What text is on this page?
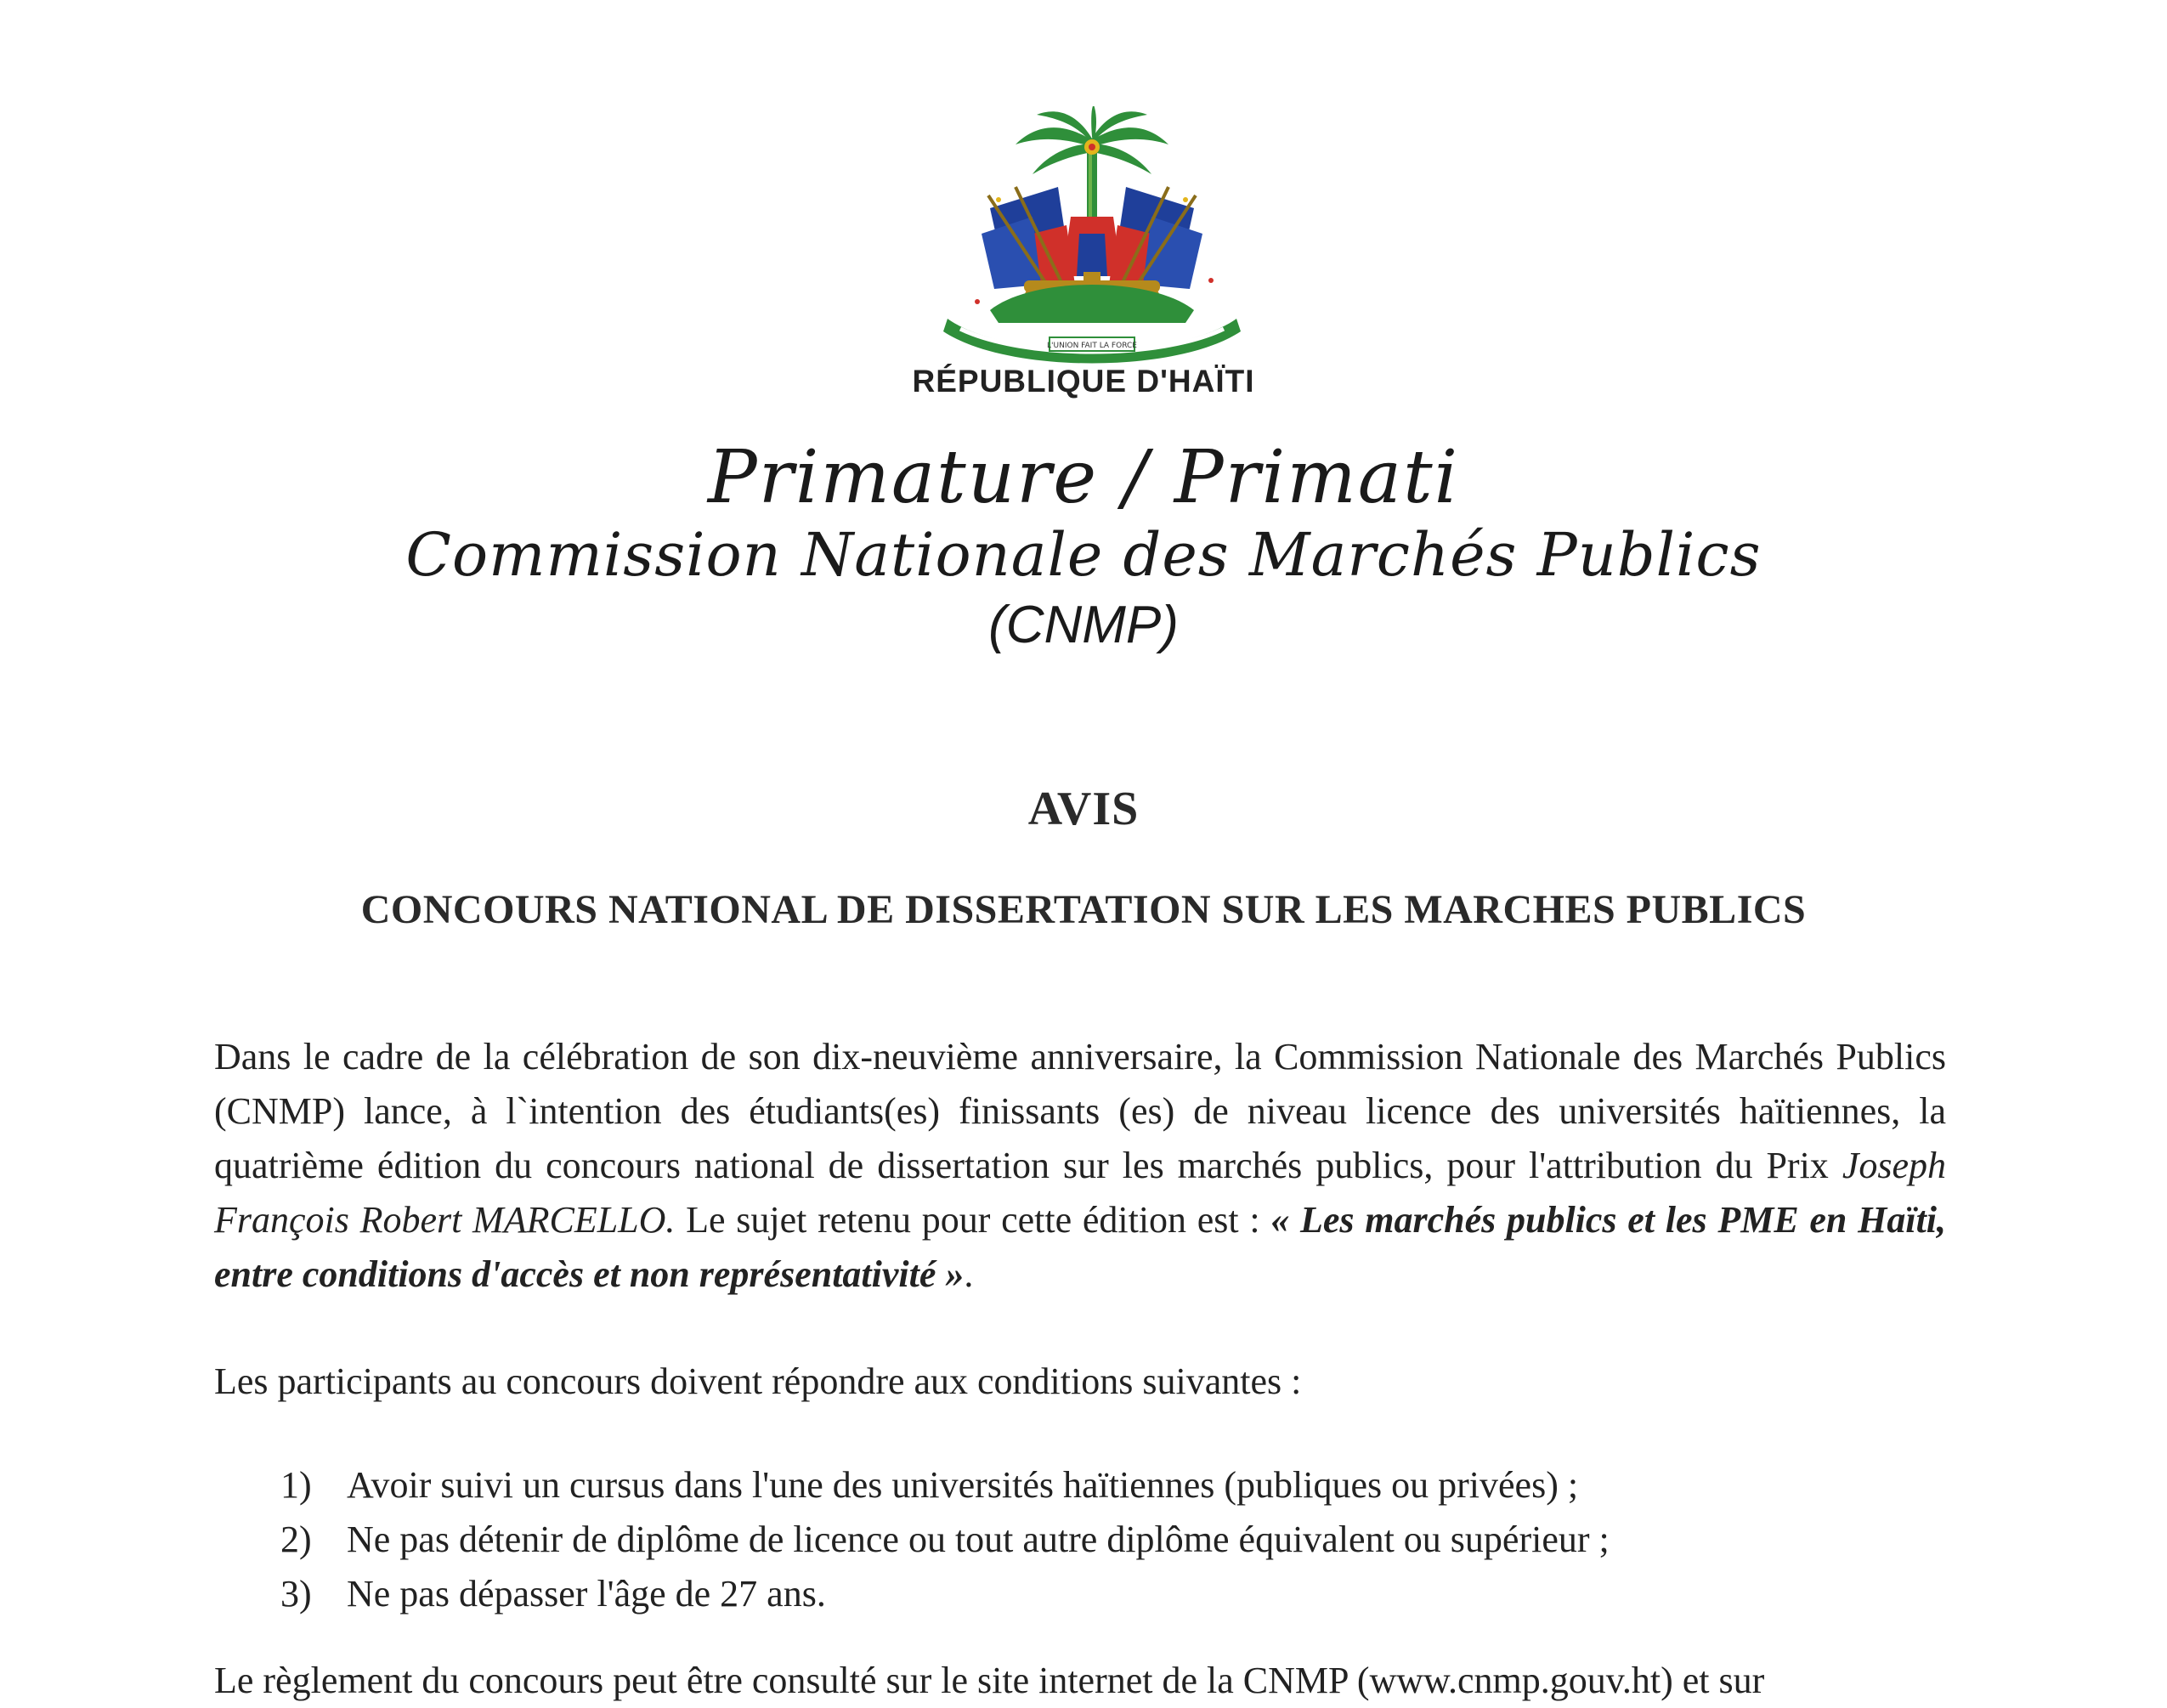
L'UNION FAIT LA FORCE
RÉPUBLIQUE D'HAÏTI
Primature / Primati
Commission Nationale des Marchés Publics
(CNMP)
AVIS
CONCOURS NATIONAL DE DISSERTATION SUR LES MARCHES PUBLICS
Dans le cadre de la célébration de son dix-neuvième anniversaire, la Commission Nationale des Marchés Publics (CNMP) lance, à l`intention des étudiants(es) finissants (es) de niveau licence des universités haïtiennes, la quatrième édition du concours national de dissertation sur les marchés publics, pour l'attribution du Prix Joseph François Robert MARCELLO. Le sujet retenu pour cette édition est : « Les marchés publics et les PME en Haïti, entre conditions d'accès et non représentativité ».
Les participants au concours doivent répondre aux conditions suivantes :
1) Avoir suivi un cursus dans l'une des universités haïtiennes (publiques ou privées) ;
2) Ne pas détenir de diplôme de licence ou tout autre diplôme équivalent ou supérieur ;
3) Ne pas dépasser l'âge de 27 ans.
Le règlement du concours peut être consulté sur le site internet de la CNMP (www.cnmp.gouv.ht) et sur
